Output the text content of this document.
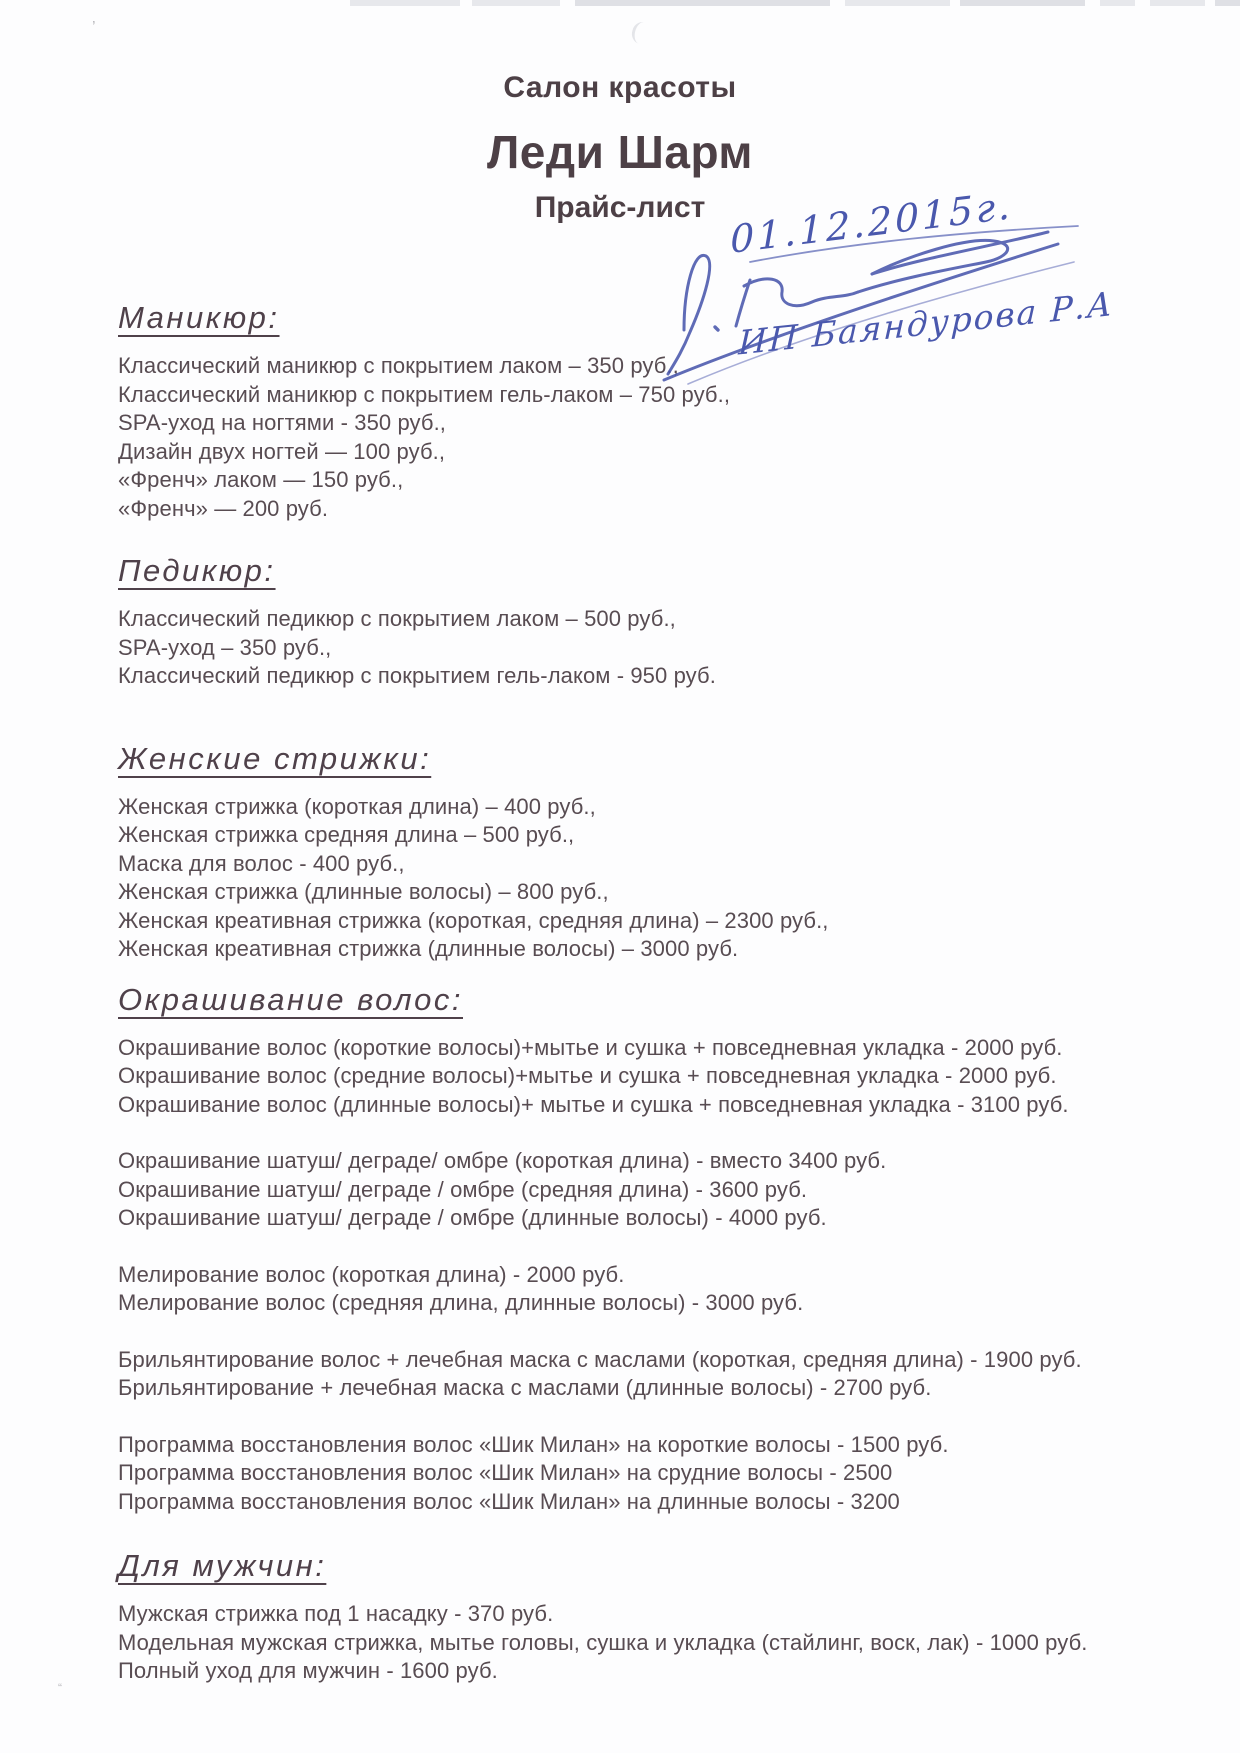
’
“
Салон красоты
Леди Шарм
Прайс-лист
Маникюр:
Классический маникюр с покрытием лаком – 350 руб.,
Классический маникюр с покрытием гель-лаком – 750 руб.,
SPA-уход на ногтями - 350 руб.,
Дизайн двух ногтей — 100 руб.,
«Френч» лаком — 150 руб.,
«Френч» — 200 руб.
Педикюр:
Классический педикюр с покрытием лаком – 500 руб.,
SPA-уход – 350 руб.,
Классический педикюр с покрытием гель-лаком - 950 руб.
Женские стрижки:
Женская стрижка (короткая длина) – 400 руб.,
Женская стрижка средняя длина – 500 руб.,
Маска для волос - 400 руб.,
Женская стрижка (длинные волосы) – 800 руб.,
Женская креативная стрижка (короткая, средняя длина) – 2300 руб.,
Женская креативная стрижка (длинные волосы) – 3000 руб.
Окрашивание волос:
Окрашивание волос (короткие волосы)+мытье и сушка + повседневная укладка - 2000 руб.
Окрашивание волос (средние волосы)+мытье и сушка + повседневная укладка - 2000 руб.
Окрашивание волос (длинные волосы)+ мытье и сушка + повседневная укладка - 3100 руб.
Окрашивание шатуш/ деграде/ омбре (короткая длина) - вместо 3400 руб.
Окрашивание шатуш/ деграде / омбре (средняя длина) - 3600 руб.
Окрашивание шатуш/ деграде / омбре (длинные волосы) - 4000 руб.
Мелирование волос (короткая длина) - 2000 руб.
Мелирование волос (средняя длина, длинные волосы) - 3000 руб.
Брильянтирование волос + лечебная маска с маслами (короткая, средняя длина) - 1900 руб.
Брильянтирование + лечебная маска с маслами (длинные волосы) - 2700 руб.
Программа восстановления волос «Шик Милан» на короткие волосы - 1500 руб.
Программа восстановления волос «Шик Милан» на срудние волосы - 2500
Программа восстановления волос «Шик Милан» на длинные волосы - 3200
Для мужчин:
Мужская стрижка под 1 насадку - 370 руб.
Модельная мужская стрижка, мытье головы, сушка и укладка (стайлинг, воск, лак) - 1000 руб.
Полный уход для мужчин - 1600 руб.
01.12.2015г.
ИП Баяндурова Р.А
